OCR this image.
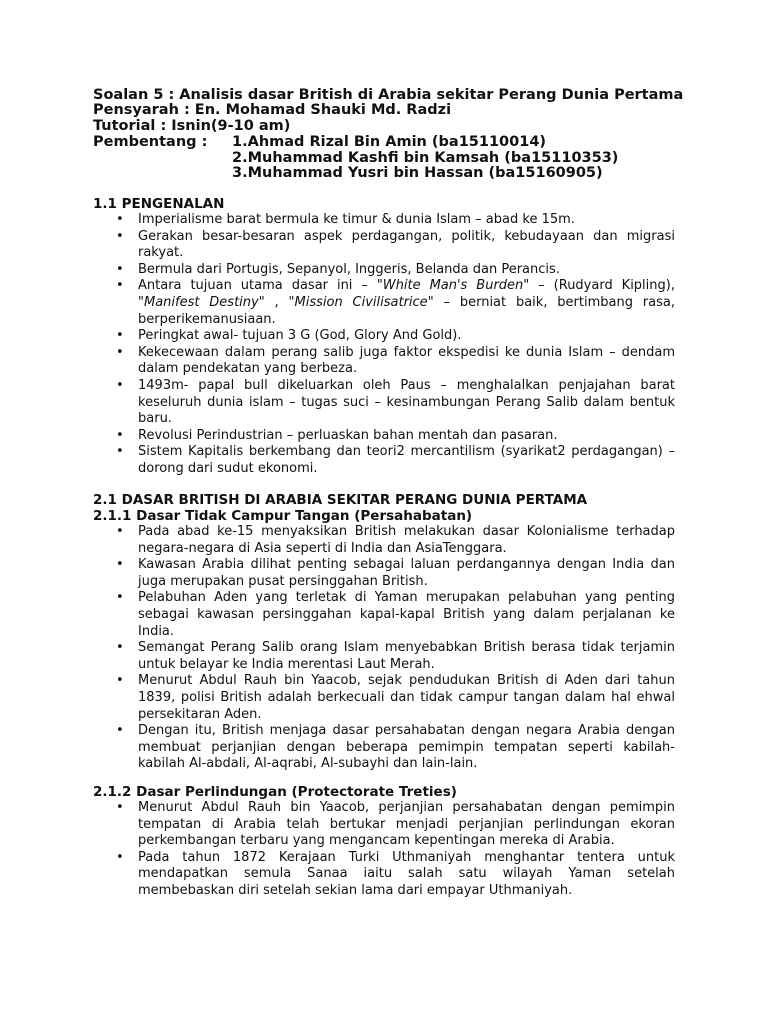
Soalan 5 : Analisis dasar British di Arabia sekitar Perang Dunia Pertama
Pensyarah : En. Mohamad Shauki Md. Radzi
Tutorial : Isnin(9-10 am)
Pembentang : 1.Ahmad Rizal Bin Amin (ba15110014)
2.Muhammad Kashfi bin Kamsah (ba15110353)
3.Muhammad Yusri bin Hassan (ba15160905)
1.1 PENGENALAN
• Imperialisme barat bermula ke timur & dunia Islam – abad ke 15m.
• Gerakan besar-besaran aspek perdagangan, politik, kebudayaan dan migrasi rakyat.
• Bermula dari Portugis, Sepanyol, Inggeris, Belanda dan Perancis.
• Antara tujuan utama dasar ini – "White Man's Burden" – (Rudyard Kipling), "Manifest Destiny" , "Mission Civilisatrice" – berniat baik, bertimbang rasa, berperikemanusiaan.
• Peringkat awal- tujuan 3 G (God, Glory And Gold).
• Kekecewaan dalam perang salib juga faktor ekspedisi ke dunia Islam – dendam dalam pendekatan yang berbeza.
• 1493m- papal bull dikeluarkan oleh Paus – menghalalkan penjajahan barat keseluruh dunia islam – tugas suci – kesinambungan Perang Salib dalam bentuk baru.
• Revolusi Perindustrian – perluaskan bahan mentah dan pasaran.
• Sistem Kapitalis berkembang dan teori2 mercantilism (syarikat2 perdagangan) – dorong dari sudut ekonomi.
2.1 DASAR BRITISH DI ARABIA SEKITAR PERANG DUNIA PERTAMA
2.1.1 Dasar Tidak Campur Tangan (Persahabatan)
• Pada abad ke-15 menyaksikan British melakukan dasar Kolonialisme terhadap negara-negara di Asia seperti di India dan AsiaTenggara.
• Kawasan Arabia dilihat penting sebagai laluan perdangannya dengan India dan juga merupakan pusat persinggahan British.
• Pelabuhan Aden yang terletak di Yaman merupakan pelabuhan yang penting sebagai kawasan persinggahan kapal-kapal British yang dalam perjalanan ke India.
• Semangat Perang Salib orang Islam menyebabkan British berasa tidak terjamin untuk belayar ke India merentasi Laut Merah.
• Menurut Abdul Rauh bin Yaacob, sejak pendudukan British di Aden dari tahun 1839, polisi British adalah berkecuali dan tidak campur tangan dalam hal ehwal persekitaran Aden.
• Dengan itu, British menjaga dasar persahabatan dengan negara Arabia dengan membuat perjanjian dengan beberapa pemimpin tempatan seperti kabilah-kabilah Al-abdali, Al-aqrabi, Al-subayhi dan lain-lain.
2.1.2 Dasar Perlindungan (Protectorate Treties)
• Menurut Abdul Rauh bin Yaacob, perjanjian persahabatan dengan pemimpin tempatan di Arabia telah bertukar menjadi perjanjian perlindungan ekoran perkembangan terbaru yang mengancam kepentingan mereka di Arabia.
• Pada tahun 1872 Kerajaan Turki Uthmaniyah menghantar tentera untuk mendapatkan semula Sanaa iaitu salah satu wilayah Yaman setelah membebaskan diri setelah sekian lama dari empayar Uthmaniyah.
